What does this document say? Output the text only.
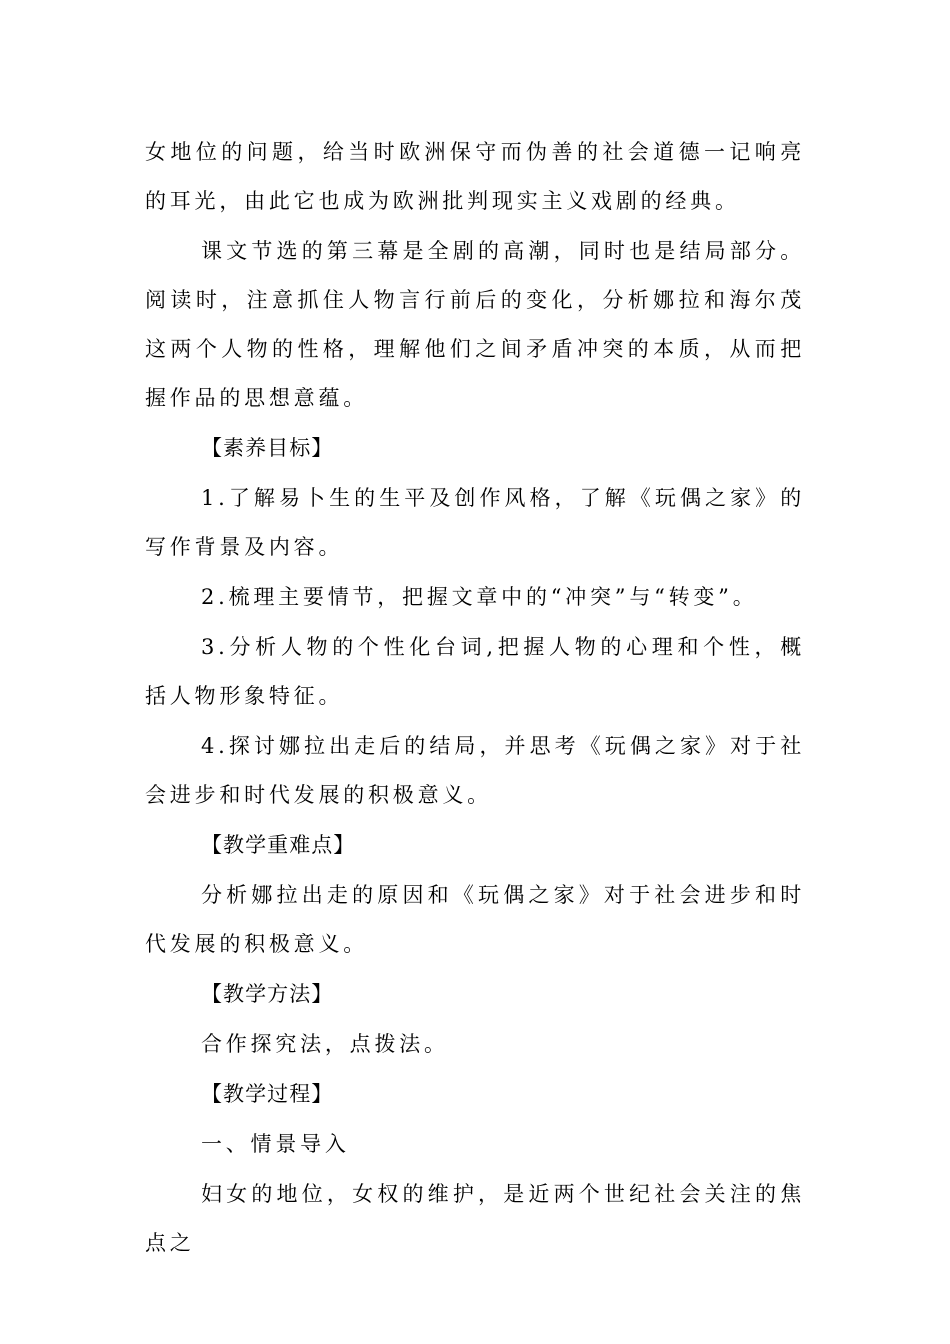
女地位的问题，给当时欧洲保守而伪善的社会道德一记响亮的耳光，由此它也成为欧洲批判现实主义戏剧的经典。

课文节选的第三幕是全剧的高潮，同时也是结局部分。阅读时，注意抓住人物言行前后的变化，分析娜拉和海尔茂这两个人物的性格，理解他们之间矛盾冲突的本质，从而把握作品的思想意蕴。

【素养目标】

1.了解易卜生的生平及创作风格，了解《玩偶之家》的写作背景及内容。

2.梳理主要情节，把握文章中的“冲突”与“转变”。

3.分析人物的个性化台词,把握人物的心理和个性，概括人物形象特征。

4.探讨娜拉出走后的结局，并思考《玩偶之家》对于社会进步和时代发展的积极意义。

【教学重难点】

分析娜拉出走的原因和《玩偶之家》对于社会进步和时代发展的积极意义。

【教学方法】

合作探究法，点拨法。

【教学过程】

一、情景导入

妇女的地位，女权的维护，是近两个世纪社会关注的焦点之
